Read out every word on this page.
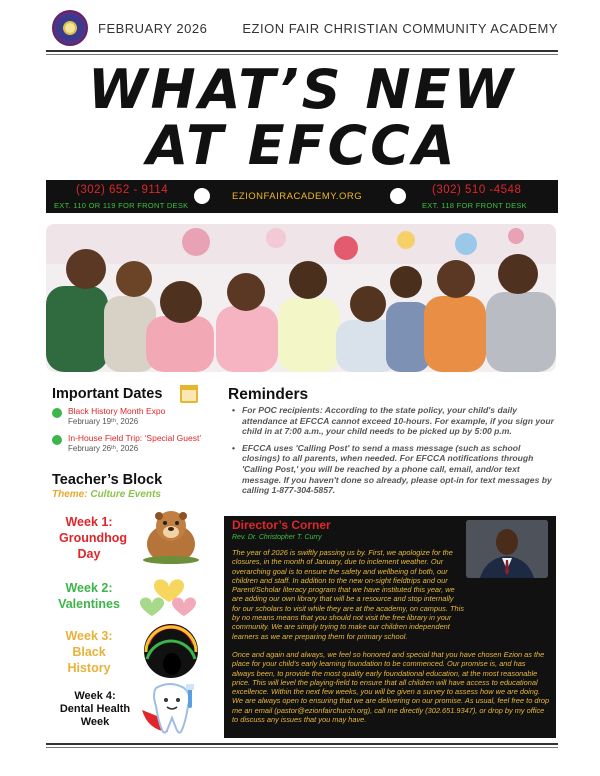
FEBRUARY 2026	EZION FAIR CHRISTIAN COMMUNITY ACADEMY
WHAT’S NEW
AT EFCCA
(302) 652 - 9114
EXT. 110 OR 119 FOR FRONT DESK
EZIONFAIRACADEMY.ORG
(302) 510 -4548
EXT. 118 FOR FRONT DESK
Important Dates
Black History Month Expo
February 19ᵗʰ, 2026
In-House Field Trip: ‘Special Guest’
February 26ᵗʰ, 2026
Teacher’s Block
Theme: Culture Events
Week 1:
Groundhog Day
Week 2:
Valentines
Week 3:
Black History
Week 4:
Dental Health Week
Reminders
• For POC recipients: According to the state policy, your child's daily attendance at EFCCA cannot exceed 10-hours. For example, if you sign your child in at 7:00 a.m., your child needs to be picked up by 5:00 p.m.
• EFCCA uses 'Calling Post' to send a mass message (such as school closings) to all parents, when needed. For EFCCA notifications through 'Calling Post,' you will be reached by a phone call, email, and/or text message. If you haven't done so already, please opt-in for text messages by calling 1-877-304-5857.
Director’s Corner
Rev. Dr. Christopher T. Curry

The year of 2026 is swiftly passing us by. First, we apologize for the closures, in the month of January, due to inclement weather. Our overarching goal is to ensure the safety and wellbeing of both, our children and staff. In addition to the new on-sight fieldtrips and our Parent/Scholar literacy program that we have instituted this year, we are adding our own library that will be a resource and stop internally for our scholars to visit while they are at the academy, on campus. This by no means means that you should not visit the free library in your community. We are simply trying to make our children independent learners as we are preparing them for primary school.

Once and again and always, we feel so honored and special that you have chosen Ezion as the place for your child's early learning foundation to be commenced. Our promise is, and has always been, to provide the most quality early foundational education, at the most reasonable price. This will level the playing-field to ensure that all children will have access to educational excellence. Within the next few weeks, you will be given a survey to assess how we are doing. We are always open to ensuring that we are delivering on our promise. As usual, feel free to drop me an email (pastor@ezionfairchurch.org), call me directly (302.651.9347), or drop by my office to discuss any issues that you may have.
